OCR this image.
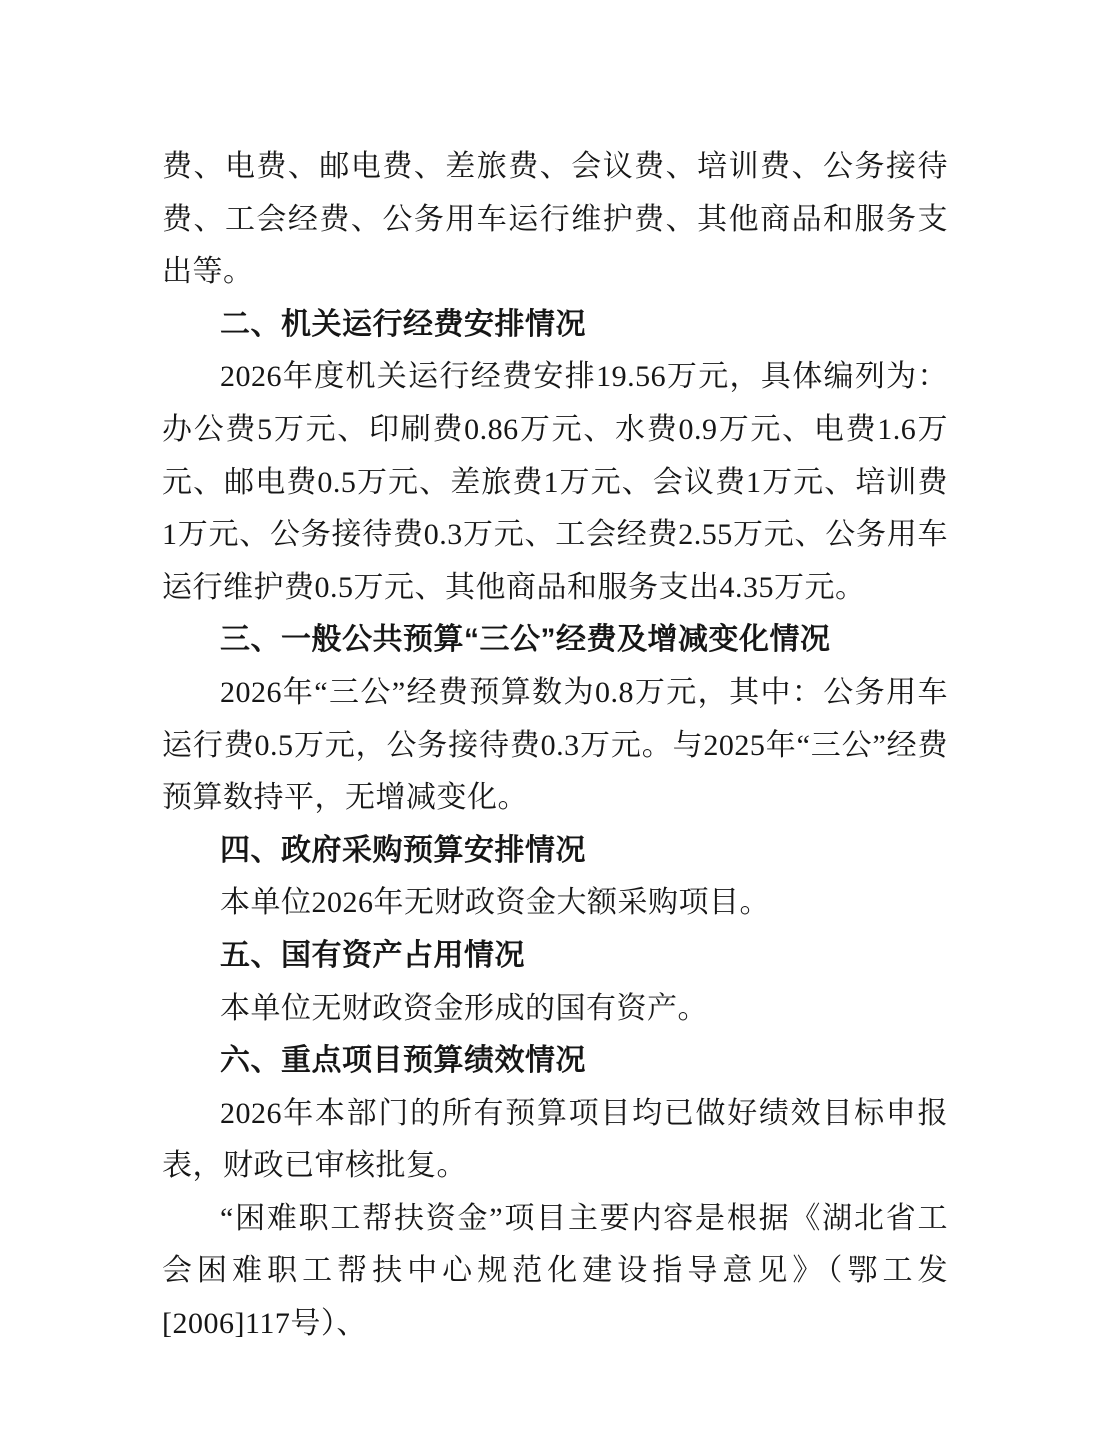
费、电费、邮电费、差旅费、会议费、培训费、公务接待费、工会经费、公务用车运行维护费、其他商品和服务支出等。

二、机关运行经费安排情况

2026年度机关运行经费安排19.56万元，具体编列为：办公费5万元、印刷费0.86万元、水费0.9万元、电费1.6万元、邮电费0.5万元、差旅费1万元、会议费1万元、培训费1万元、公务接待费0.3万元、工会经费2.55万元、公务用车运行维护费0.5万元、其他商品和服务支出4.35万元。

三、一般公共预算“三公”经费及增减变化情况

2026年“三公”经费预算数为0.8万元，其中：公务用车运行费0.5万元，公务接待费0.3万元。与2025年“三公”经费预算数持平，无增减变化。

四、政府采购预算安排情况

本单位2026年无财政资金大额采购项目。

五、国有资产占用情况

本单位无财政资金形成的国有资产。

六、重点项目预算绩效情况

2026年本部门的所有预算项目均已做好绩效目标申报表，财政已审核批复。

“困难职工帮扶资金”项目主要内容是根据《湖北省工会困难职工帮扶中心规范化建设指导意见》（鄂工发[2006]117号）、
